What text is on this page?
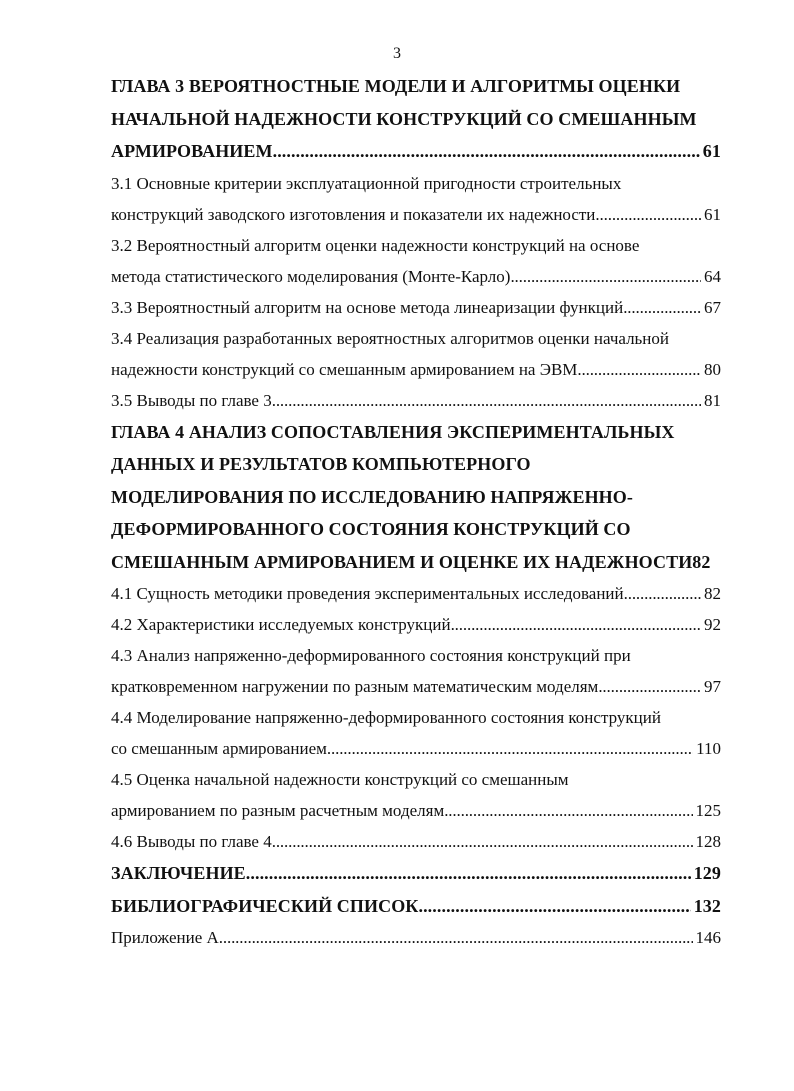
3
ГЛАВА 3 ВЕРОЯТНОСТНЫЕ МОДЕЛИ И АЛГОРИТМЫ ОЦЕНКИ
НАЧАЛЬНОЙ НАДЕЖНОСТИ КОНСТРУКЦИЙ СО СМЕШАННЫМ
АРМИРОВАНИЕМ . . .	61
3.1 Основные критерии эксплуатационной пригодности строительных
конструкций заводского изготовления и показатели их надежности . . .	61
3.2 Вероятностный алгоритм оценки надежности конструкций на основе
метода статистического моделирования (Монте-Карло) . . .	64
3.3 Вероятностный алгоритм на основе метода линеаризации функций . . .	67
3.4 Реализация разработанных вероятностных алгоритмов оценки начальной
надежности конструкций со смешанным армированием на ЭВМ . . .	80
3.5 Выводы по главе 3 . . .	81
ГЛАВА 4 АНАЛИЗ СОПОСТАВЛЕНИЯ ЭКСПЕРИМЕНТАЛЬНЫХ
ДАННЫХ И РЕЗУЛЬТАТОВ КОМПЬЮТЕРНОГО
МОДЕЛИРОВАНИЯ ПО ИССЛЕДОВАНИЮ НАПРЯЖЕННО-
ДЕФОРМИРОВАННОГО СОСТОЯНИЯ КОНСТРУКЦИЙ СО
СМЕШАННЫМ АРМИРОВАНИЕМ И ОЦЕНКЕ ИХ НАДЕЖНОСТИ82
4.1 Сущность методики проведения экспериментальных исследований . . .	82
4.2 Характеристики исследуемых конструкций . . .	92
4.3 Анализ напряженно-деформированного состояния конструкций при
кратковременном нагружении по разным математическим моделям . . .	97
4.4 Моделирование напряженно-деформированного состояния конструкций
со смешанным армированием . . .	110
4.5 Оценка начальной надежности конструкций со смешанным
армированием по разным расчетным моделям . . .	125
4.6 Выводы по главе 4 . . .	128
ЗАКЛЮЧЕНИЕ . . .	129
БИБЛИОГРАФИЧЕСКИЙ СПИСОК . . .	132
Приложение А . . .	146
